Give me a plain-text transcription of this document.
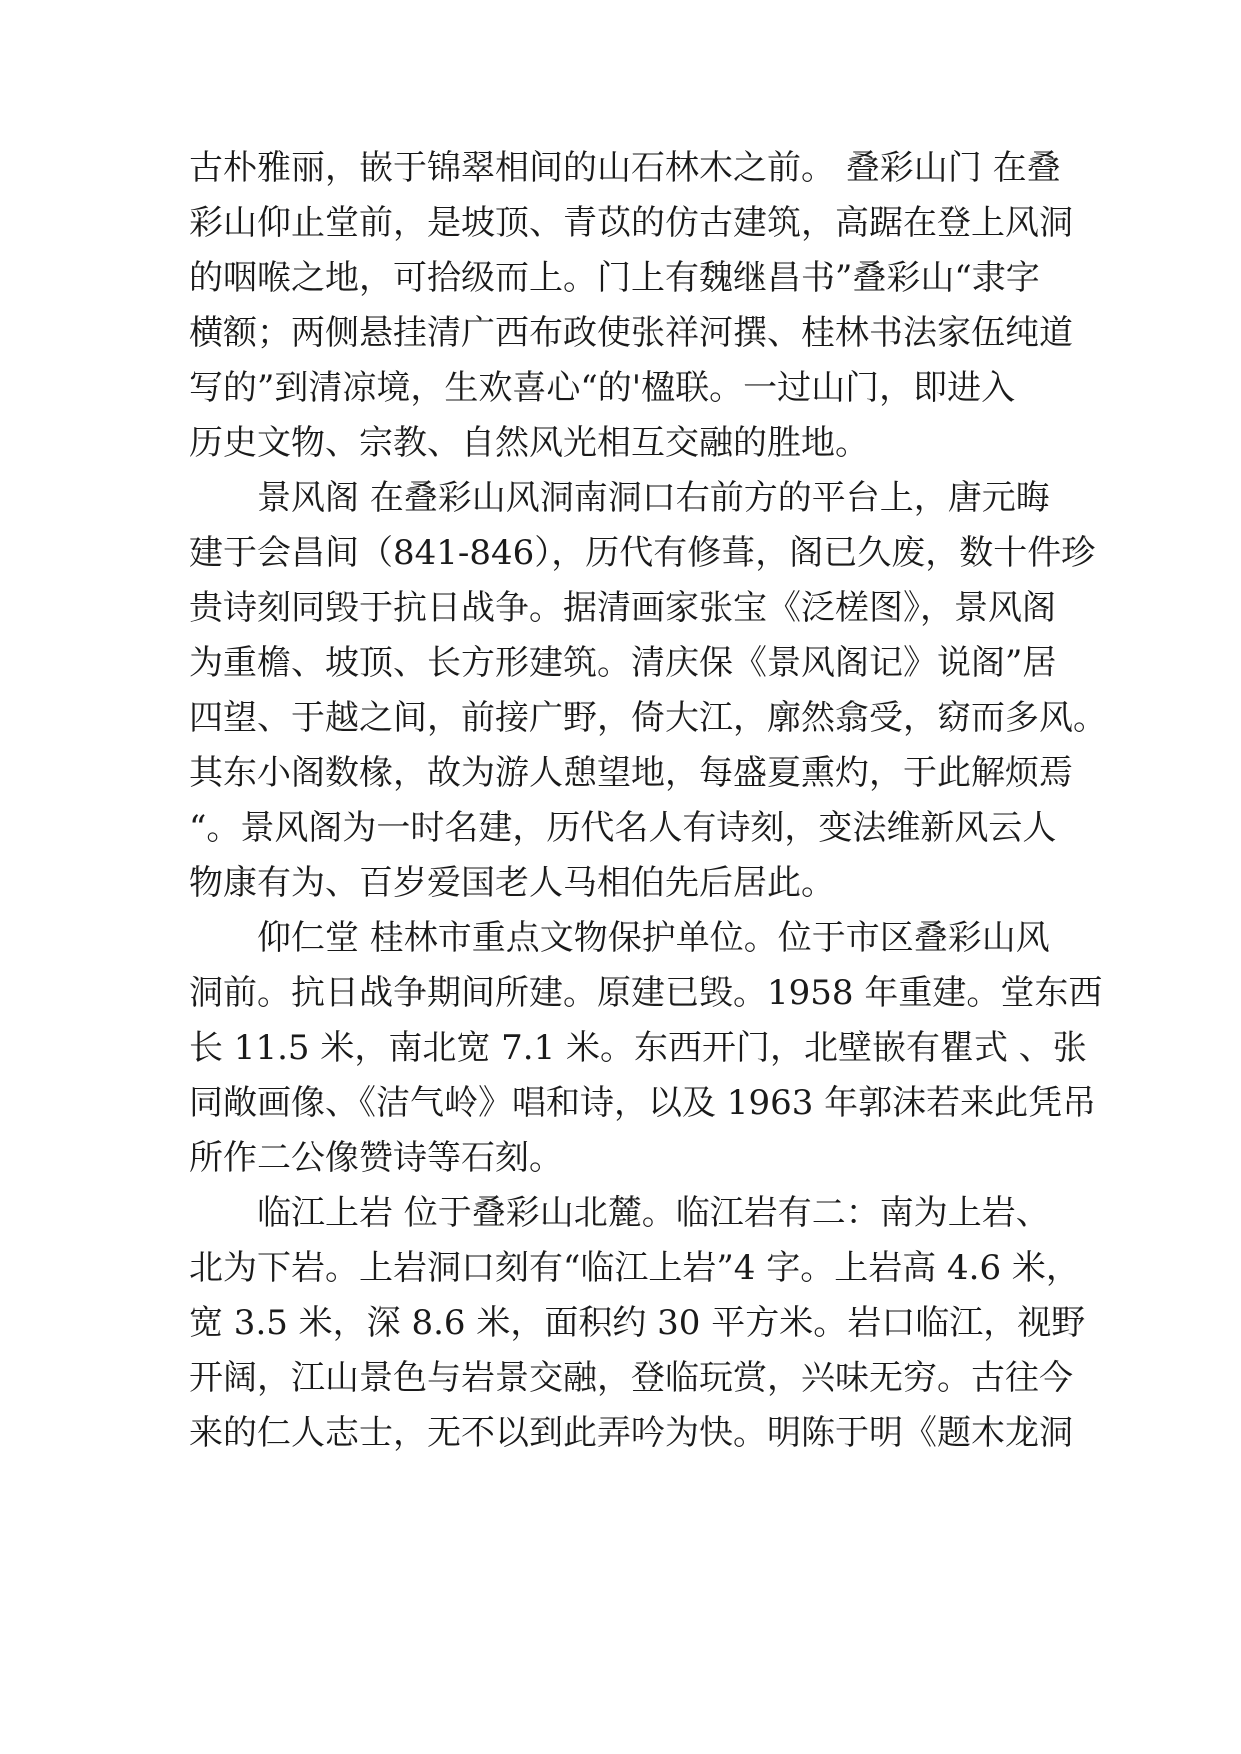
古朴雅丽，嵌于锦翠相间的山石林木之前。 叠彩山门 在叠
彩山仰止堂前，是坡顶、青苡的仿古建筑，高踞在登上风洞
的咽喉之地，可拾级而上。门上有魏继昌书”叠彩山“隶字
横额；两侧悬挂清广西布政使张祥河撰、桂林书法家伍纯道
写的”到清凉境，生欢喜心“的'楹联。一过山门，即进入
历史文物、宗教、自然风光相互交融的胜地。
景风阁 在叠彩山风洞南洞口右前方的平台上，唐元晦
建于会昌间（841-846），历代有修葺，阁已久废，数十件珍
贵诗刻同毁于抗日战争。据清画家张宝《泛槎图》，景风阁
为重檐、坡顶、长方形建筑。清庆保《景风阁记》说阁”居
四望、于越之间，前接广野，倚大江，廓然翕受，窈而多风。
其东小阁数椽，故为游人憩望地，每盛夏熏灼，于此解烦焉
“。景风阁为一时名建，历代名人有诗刻，变法维新风云人
物康有为、百岁爱国老人马相伯先后居此。
仰仁堂 桂林市重点文物保护单位。位于市区叠彩山风
洞前。抗日战争期间所建。原建已毁。1958 年重建。堂东西
长 11.5 米，南北宽 7.1 米。东西开门，北壁嵌有瞿式 、张
同敞画像、《洁气岭》唱和诗，以及 1963 年郭沫若来此凭吊
所作二公像赞诗等石刻。
临江上岩 位于叠彩山北麓。临江岩有二：南为上岩、
北为下岩。上岩洞口刻有“临江上岩”4 字。上岩高 4.6 米，
宽 3.5 米，深 8.6 米，面积约 30 平方米。岩口临江，视野
开阔，江山景色与岩景交融，登临玩赏，兴味无穷。古往今
来的仁人志士，无不以到此弄吟为快。明陈于明《题木龙洞
